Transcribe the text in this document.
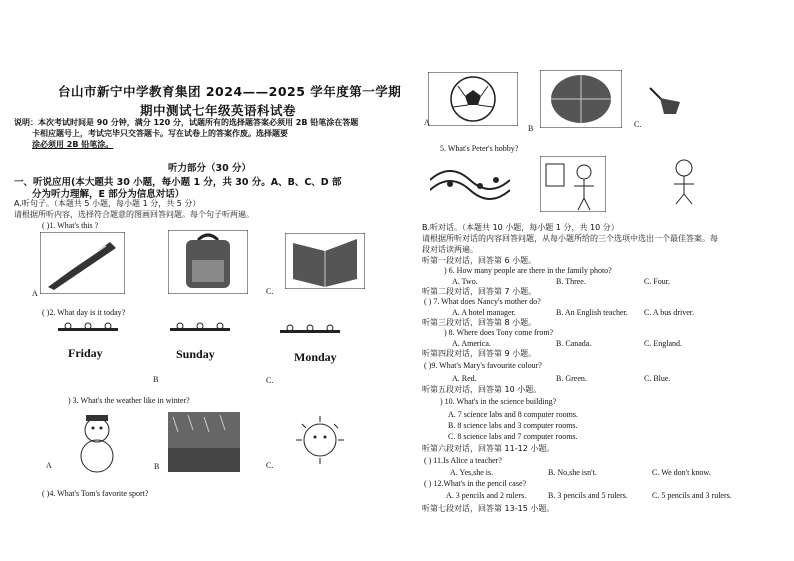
台山市新宁中学教育集团 2024——2025 学年度第一学期
期中测试七年级英语科试卷
说明：本次考试时间是 90 分钟，满分 120 分，试题所有的选择题答案必须用 2B 铅笔涂在答题
卡相应题号上，考试完毕只交答题卡。写在试卷上的答案作废。选择题要
涂必须用 2B 铅笔涂。
听力部分（30 分）
一、听说应用(本大题共 30 小题，每小题 1 分，共 30 分。A、B、C、D 部
分为听力理解，E 部分为信息对话）
A.听句子。（本题共 5 小题，每小题 1 分，共 5 分）
请根据所听内容，选择符合题意的图画回答问题。每个句子听两遍。
( )1. What's this ?
A	C.
( )2. What day is it today?
Friday	Sunday	Monday
B	C.
) 3. What's the weather like in winter?
A	B	C.
( )4. What's Tom's favorite sport?
A
B	C.
5. What's Peter's hobby?
B.听对话。（本题共 10 小题，每小题 1 分，共 10 分）
请根据所听对话的内容回答问题，从每小题所给的三个选项中选出一个最佳答案。每
段对话读两遍。
听第一段对话，回答第 6 小题。
) 6. How many people are there in the family photo?
A. Two.	B. Three.	C. Four.
听第二段对话，回答第 7 小题。
( ) 7. What does Nancy's mother do?
A. A hotel manager.	B. An English teacher. C. A bus driver.
听第三段对话，回答第 8 小题。
) 8. Where does Tony come from?
A. America.	B. Canada.	C. England.
听第四段对话，回答第 9 小题。
( )9. What's Mary's favourite colour?
A. Red.	B. Green.	C. Blue.
听第五段对话，回答第 10 小题。
) 10. What's in the science building?
A. 7 science labs and 8 computer rooms.
B. 8 science labs and 3 computer rooms.
C. 8 science labs and 7 computer rooms.
听第六段对话，回答第 11-12 小题。
( ) 11.Is Alice a teacher?
A. Yes,she is.	B. No,she isn't.	C. We don't know.
( ) 12.What's in the pencil case?
A. 3 pencils and 2 rulers.	B. 3 pencils and 5 rulers.	C. 5 pencils and 3 rulers.
听第七段对话，回答第 13-15 小题。
